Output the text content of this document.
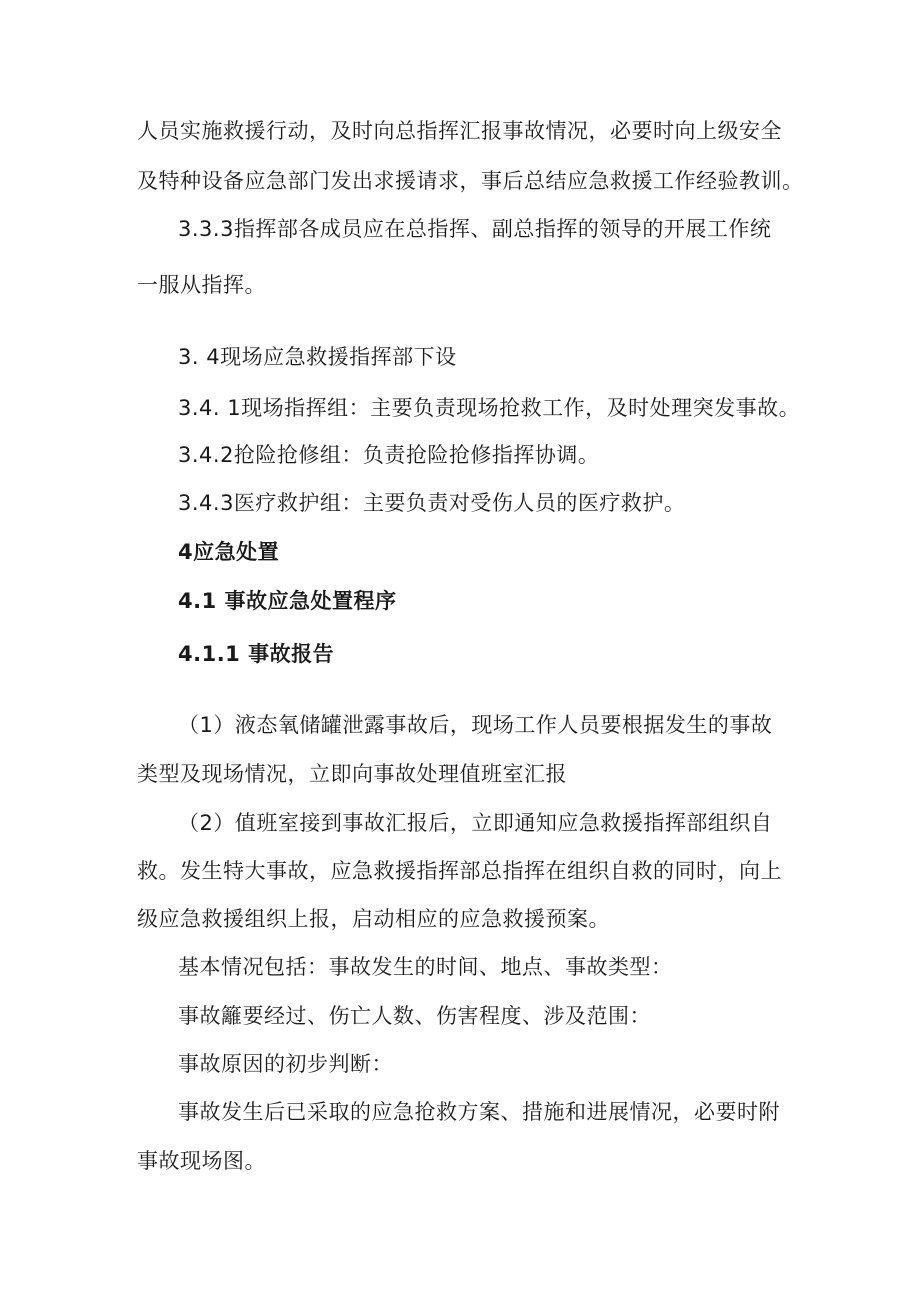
人员实施救援行动，及时向总指挥汇报事故情况，必要时向上级安全
及特种设备应急部门发出求援请求，事后总结应急救援工作经验教训。
3.3.3指挥部各成员应在总指挥、副总指挥的领导的开展工作统
一服从指挥。
3. 4现场应急救援指挥部下设
3.4. 1现场指挥组：主要负责现场抢救工作，及时处理突发事故。
3.4.2抢险抢修组：负责抢险抢修指挥协调。
3.4.3医疗救护组：主要负责对受伤人员的医疗救护。
4应急处置
4.1 事故应急处置程序
4.1.1 事故报告
（1）液态氧储罐泄露事故后，现场工作人员要根据发生的事故
类型及现场情况，立即向事故处理值班室汇报
（2）值班室接到事故汇报后，立即通知应急救援指挥部组织自
救。发生特大事故，应急救援指挥部总指挥在组织自救的同时，向上
级应急救援组织上报，启动相应的应急救援预案。
基本情况包括：事故发生的时间、地点、事故类型：
事故籬要经过、伤亡人数、伤害程度、涉及范围：
事故原因的初步判断：
事故发生后已采取的应急抢救方案、措施和进展情况，必要时附
事故现场图。
